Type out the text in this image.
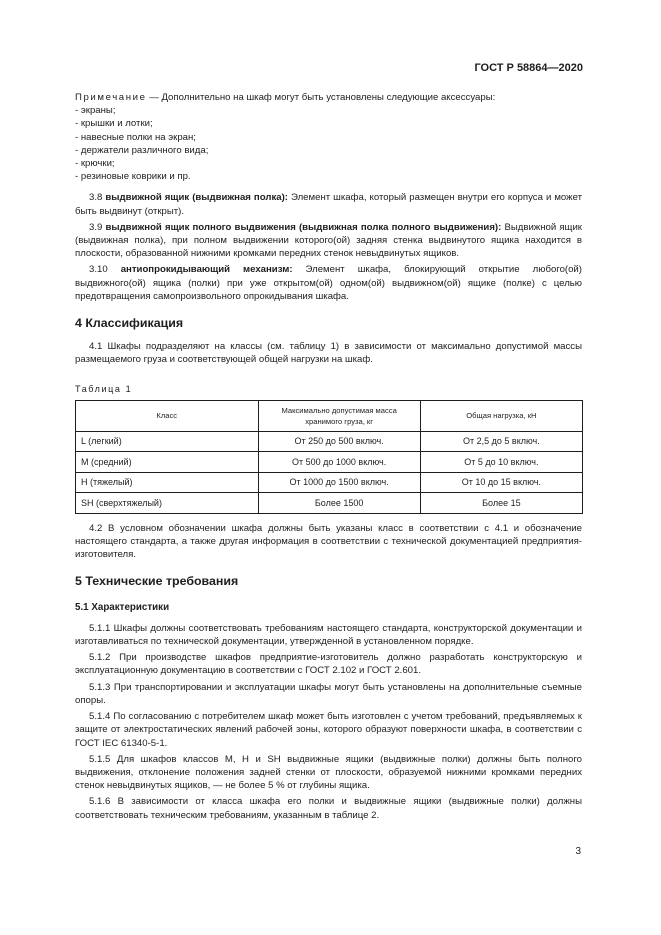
ГОСТ Р 58864—2020

Примечание — Дополнительно на шкаф могут быть установлены следующие аксессуары:

- экраны;
- крышки и лотки;
- навесные полки на экран;
- держатели различного вида;
- крючки;
- резиновые коврики и пр.

3.8 выдвижной ящик (выдвижная полка): Элемент шкафа, который размещен внутри его корпуса и может быть выдвинут (открыт).

3.9 выдвижной ящик полного выдвижения (выдвижная полка полного выдвижения): Выдвижной ящик (выдвижная полка), при полном выдвижении которого(ой) задняя стенка выдвинутого ящика находится в плоскости, образованной нижними кромками передних стенок невыдвинутых ящиков.

3.10 антиопрокидывающий механизм: Элемент шкафа, блокирующий открытие любого(ой) выдвижного(ой) ящика (полки) при уже открытом(ой) одном(ой) выдвижном(ой) ящике (полке) с целью предотвращения самопроизвольного опрокидывания шкафа.

4 Классификация

4.1 Шкафы подразделяют на классы (см. таблицу 1) в зависимости от максимально допустимой массы размещаемого груза и соответствующей общей нагрузки на шкаф.

Таблица 1
Класс	Максимально допустимая масса хранимого груза, кг	Общая нагрузка, кН
L (легкий)	От 250 до 500 включ.	От 2,5 до 5 включ.
M (средний)	От 500 до 1000 включ.	От 5 до 10 включ.
H (тяжелый)	От 1000 до 1500 включ.	От 10 до 15 включ.
SH (сверхтяжелый)	Более 1500	Более 15

4.2 В условном обозначении шкафа должны быть указаны класс в соответствии с 4.1 и обозначение настоящего стандарта, а также другая информация в соответствии с технической документацией предприятия-изготовителя.

5 Технические требования
5.1 Характеристики

5.1.1 Шкафы должны соответствовать требованиям настоящего стандарта, конструкторской документации и изготавливаться по технической документации, утвержденной в установленном порядке.

5.1.2 При производстве шкафов предприятие-изготовитель должно разработать конструкторскую и эксплуатационную документацию в соответствии с ГОСТ 2.102 и ГОСТ 2.601.

5.1.3 При транспортировании и эксплуатации шкафы могут быть установлены на дополнительные съемные опоры.

5.1.4 По согласованию с потребителем шкаф может быть изготовлен с учетом требований, предъявляемых к защите от электростатических явлений рабочей зоны, которого образуют поверхности шкафа, в соответствии с ГОСТ IEC 61340-5-1.

5.1.5 Для шкафов классов M, H и SH выдвижные ящики (выдвижные полки) должны быть полного выдвижения, отклонение положения задней стенки от плоскости, образуемой нижними кромками передних стенок невыдвинутых ящиков, — не более 5 % от глубины ящика.

5.1.6 В зависимости от класса шкафа его полки и выдвижные ящики (выдвижные полки) должны соответствовать техническим требованиям, указанным в таблице 2.

3
